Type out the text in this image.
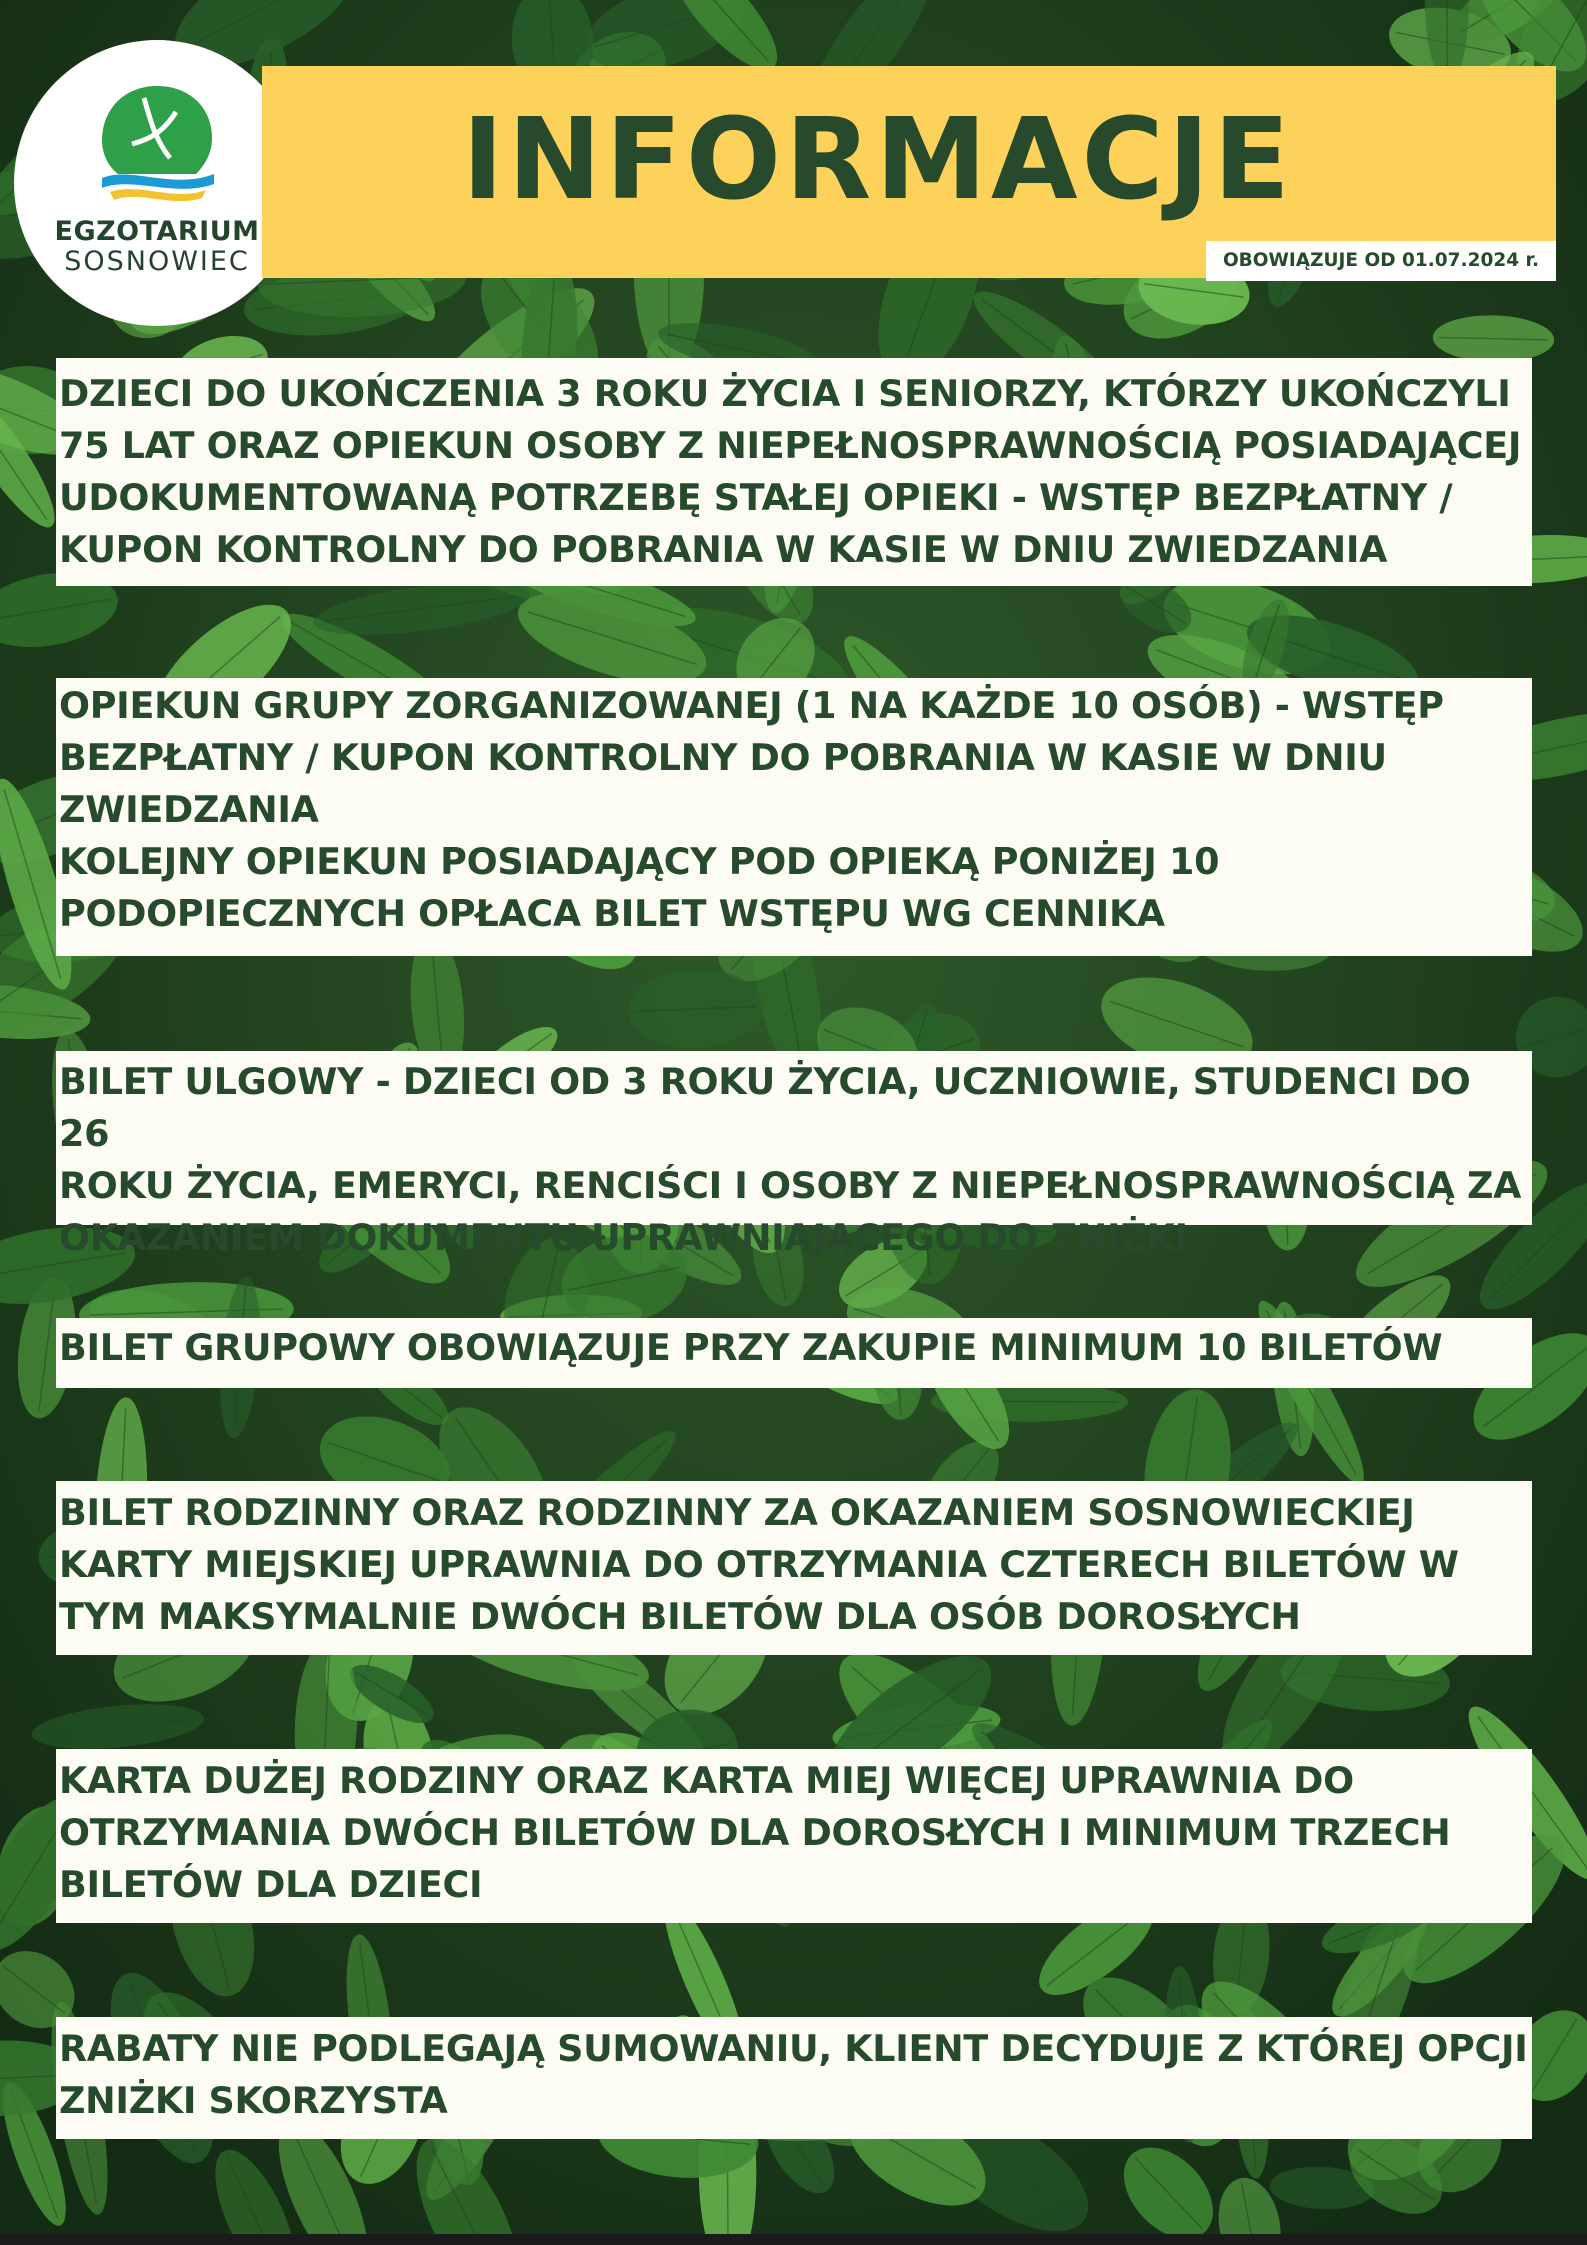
EGZOTARIUM
SOSNOWIEC
INFORMACJE
OBOWIĄZUJE OD 01.07.2024 r.
DZIECI DO UKOŃCZENIA 3 ROKU ŻYCIA I SENIORZY, KTÓRZY UKOŃCZYLI
75 LAT ORAZ OPIEKUN OSOBY Z NIEPEŁNOSPRAWNOŚCIĄ POSIADAJĄCEJ
UDOKUMENTOWANĄ POTRZEBĘ STAŁEJ OPIEKI - WSTĘP BEZPŁATNY /
KUPON KONTROLNY DO POBRANIA W KASIE W DNIU ZWIEDZANIA
OPIEKUN GRUPY ZORGANIZOWANEJ (1 NA KAŻDE 10 OSÓB) - WSTĘP
BEZPŁATNY / KUPON KONTROLNY DO POBRANIA W KASIE W DNIU
ZWIEDZANIA
KOLEJNY OPIEKUN POSIADAJĄCY POD OPIEKĄ PONIŻEJ 10
PODOPIECZNYCH OPŁACA BILET WSTĘPU WG CENNIKA
BILET ULGOWY - DZIECI OD 3 ROKU ŻYCIA, UCZNIOWIE, STUDENCI DO 26
ROKU ŻYCIA, EMERYCI, RENCIŚCI I OSOBY Z NIEPEŁNOSPRAWNOŚCIĄ ZA
OKAZANIEM DOKUMENTU UPRAWNIAJĄCEGO DO ZNIŻKI
BILET GRUPOWY OBOWIĄZUJE PRZY ZAKUPIE MINIMUM 10 BILETÓW
BILET RODZINNY ORAZ RODZINNY ZA OKAZANIEM SOSNOWIECKIEJ
KARTY MIEJSKIEJ UPRAWNIA DO OTRZYMANIA CZTERECH BILETÓW W
TYM MAKSYMALNIE DWÓCH BILETÓW DLA OSÓB DOROSŁYCH
KARTA DUŻEJ RODZINY ORAZ KARTA MIEJ WIĘCEJ UPRAWNIA DO
OTRZYMANIA DWÓCH BILETÓW DLA DOROSŁYCH I MINIMUM TRZECH
BILETÓW DLA DZIECI
RABATY NIE PODLEGAJĄ SUMOWANIU, KLIENT DECYDUJE Z KTÓREJ OPCJI
ZNIŻKI SKORZYSTA
